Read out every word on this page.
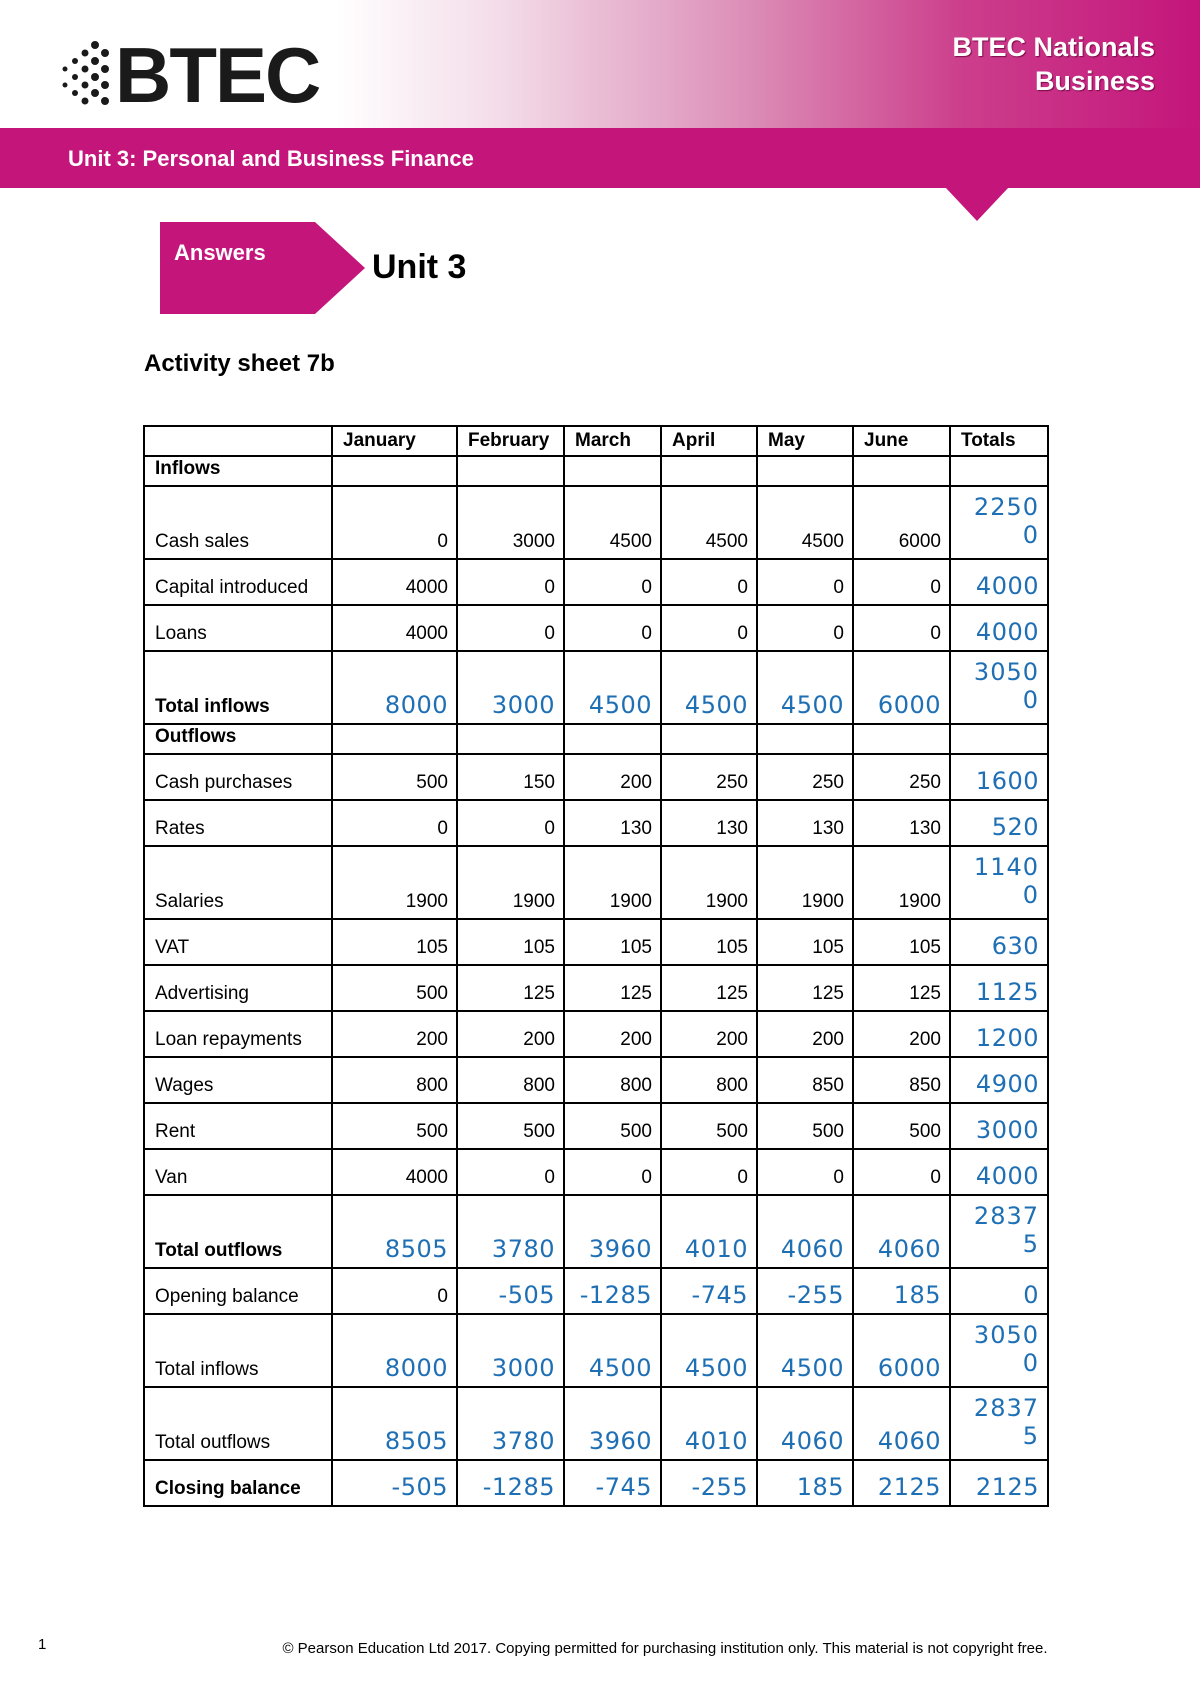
BTEC	BTEC Nationals
Business
Unit 3: Personal and Business Finance
Answers	Unit 3
Activity sheet 7b
	January	February	March	April	May	June	Totals
Inflows							
Cash sales	0	3000	4500	4500	4500	6000	22500
Capital introduced	4000	0	0	0	0	0	4000
Loans	4000	0	0	0	0	0	4000
Total inflows	8000	3000	4500	4500	4500	6000	30500
Outflows							
Cash purchases	500	150	200	250	250	250	1600
Rates	0	0	130	130	130	130	520
Salaries	1900	1900	1900	1900	1900	1900	11400
VAT	105	105	105	105	105	105	630
Advertising	500	125	125	125	125	125	1125
Loan repayments	200	200	200	200	200	200	1200
Wages	800	800	800	800	850	850	4900
Rent	500	500	500	500	500	500	3000
Van	4000	0	0	0	0	0	4000
Total outflows	8505	3780	3960	4010	4060	4060	28375
Opening balance	0	-505	-1285	-745	-255	185	0
Total inflows	8000	3000	4500	4500	4500	6000	30500
Total outflows	8505	3780	3960	4010	4060	4060	28375
Closing balance	-505	-1285	-745	-255	185	2125	2125
1	© Pearson Education Ltd 2017. Copying permitted for purchasing institution only. This material is not copyright free.
